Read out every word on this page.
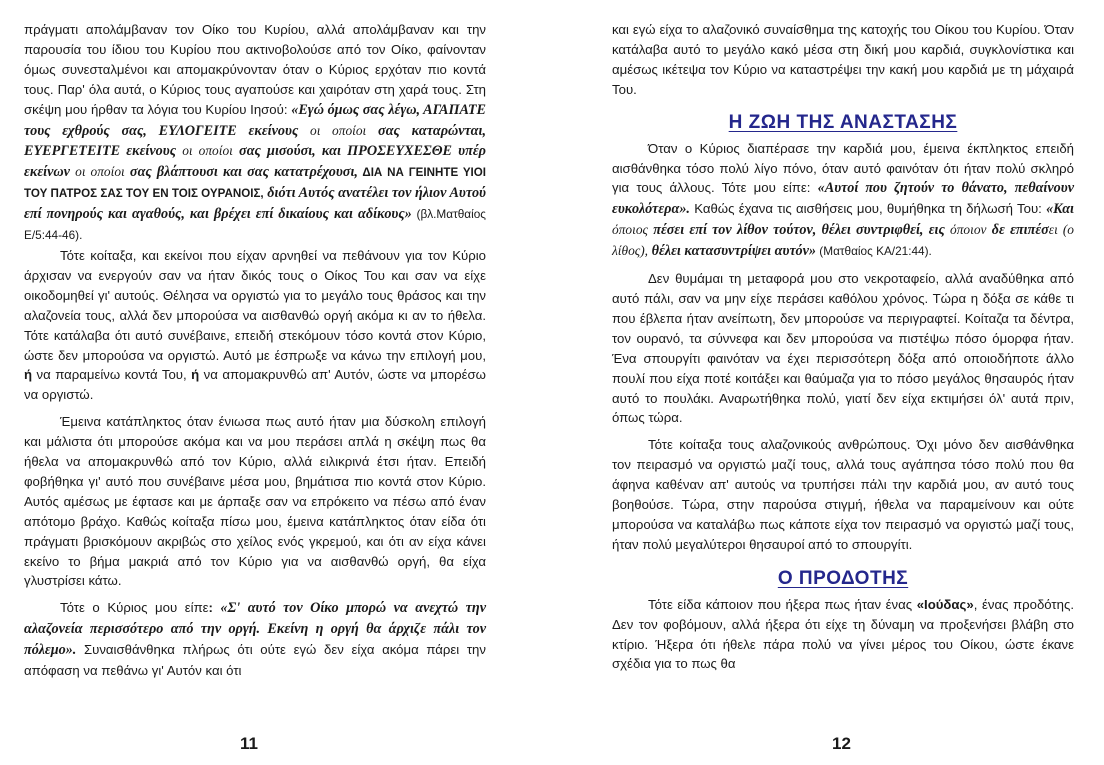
πράγματι απολάμβαναν τον Οίκο του Κυρίου, αλλά απολάμβαναν και την παρουσία του ίδιου του Κυρίου που ακτινοβολούσε από τον Οίκο, φαίνονταν όμως συνεσταλμένοι και απομακρύνονταν όταν ο Κύριος ερχόταν πιο κοντά τους. Παρ' όλα αυτά, ο Κύριος τους αγαπούσε και χαιρόταν στη χαρά τους. Στη σκέψη μου ήρθαν τα λόγια του Κυρίου Ιησού: «Εγώ όμως σας λέγω, ΑΓΑΠΑΤΕ τους εχθρούς σας, ΕΥΛΟΓΕΙΤΕ εκείνους οι οποίοι σας καταρώνται, ΕΥΕΡΓΕΤΕΙΤΕ εκείνους οι οποίοι σας μισούσι, και ΠΡΟΣΕΥΧΕΣΘΕ υπέρ εκείνων οι οποίοι σας βλάπτουσι και σας κατατρέχουσι, ΔΙΑ ΝΑ ΓΕΙΝΗΤΕ ΥΙΟΙ ΤΟΥ ΠΑΤΡΟΣ ΣΑΣ ΤΟΥ ΕΝ ΤΟΙΣ ΟΥΡΑΝΟΙΣ, διότι Αυτός ανατέλει τον ήλιον Αυτού επί πονηρούς και αγαθούς, και βρέχει επί δικαίους και αδίκους» (βλ.Ματθαίος Ε/5:44-46).

Τότε κοίταξα, και εκείνοι που είχαν αρνηθεί να πεθάνουν για τον Κύριο άρχισαν να ενεργούν σαν να ήταν δικός τους ο Οίκος Του και σαν να είχε οικοδομηθεί γι' αυτούς. Θέλησα να οργιστώ για το μεγάλο τους θράσος και την αλαζονεία τους, αλλά δεν μπορούσα να αισθανθώ οργή ακόμα κι αν το ήθελα. Τότε κατάλαβα ότι αυτό συνέβαινε, επειδή στεκόμουν τόσο κοντά στον Κύριο, ώστε δεν μπορούσα να οργιστώ. Αυτό με έσπρωξε να κάνω την επιλογή μου, ή να παραμείνω κοντά Του, ή να απομακρυνθώ απ' Αυτόν, ώστε να μπορέσω να οργιστώ.

Έμεινα κατάπληκτος όταν ένιωσα πως αυτό ήταν μια δύσκολη επιλογή και μάλιστα ότι μπορούσε ακόμα και να μου περάσει απλά η σκέψη πως θα ήθελα να απομακρυνθώ από τον Κύριο, αλλά ειλικρινά έτσι ήταν. Επειδή φοβήθηκα γι' αυτό που συνέβαινε μέσα μου, βημάτισα πιο κοντά στον Κύριο. Αυτός αμέσως με έφτασε και με άρπαξε σαν να επρόκειτο να πέσω από έναν απότομο βράχο. Καθώς κοίταξα πίσω μου, έμεινα κατάπληκτος όταν είδα ότι πράγματι βρισκόμουν ακριβώς στο χείλος ενός γκρεμού, και ότι αν είχα κάνει εκείνο το βήμα μακριά από τον Κύριο για να αισθανθώ οργή, θα είχα γλυστρίσει κάτω.

Τότε ο Κύριος μου είπε: «Σ' αυτό τον Οίκο μπορώ να ανεχτώ την αλαζονεία περισσότερο από την οργή. Εκείνη η οργή θα άρχιζε πάλι τον πόλεμο». Συναισθάνθηκα πλήρως ότι ούτε εγώ δεν είχα ακόμα πάρει την απόφαση να πεθάνω γι' Αυτόν και ότι

και εγώ είχα το αλαζονικό συναίσθημα της κατοχής του Οίκου του Κυρίου. Όταν κατάλαβα αυτό το μεγάλο κακό μέσα στη δική μου καρδιά, συγκλονίστικα και αμέσως ικέτεψα τον Κύριο να καταστρέψει την κακή μου καρδιά με τη μάχαιρά Του.

Η ΖΩΗ ΤΗΣ ΑΝΑΣΤΑΣΗΣ

Όταν ο Κύριος διαπέρασε την καρδιά μου, έμεινα έκπληκτος επειδή αισθάνθηκα τόσο πολύ λίγο πόνο, όταν αυτό φαινόταν ότι ήταν πολύ σκληρό για τους άλλους. Τότε μου είπε: «Αυτοί που ζητούν το θάνατο, πεθαίνουν ευκολότερα». Καθώς έχανα τις αισθήσεις μου, θυμήθηκα τη δήλωσή Του: «Και όποιος πέσει επί τον λίθον τούτον, θέλει συντριφθεί, εις όποιον δε επιπέσει (ο λίθος), θέλει κατασυντρίψει αυτόν» (Ματθαίος ΚΑ/21:44).

Δεν θυμάμαι τη μεταφορά μου στο νεκροταφείο, αλλά αναδύθηκα από αυτό πάλι, σαν να μην είχε περάσει καθόλου χρόνος. Τώρα η δόξα σε κάθε τι που έβλεπα ήταν ανείπωτη, δεν μπορούσε να περιγραφτεί. Κοίταζα τα δέντρα, τον ουρανό, τα σύννεφα και δεν μπορούσα να πιστέψω πόσο όμορφα ήταν. Ένα σπουργίτι φαινόταν να έχει περισσότερη δόξα από οποιοδήποτε άλλο πουλί που είχα ποτέ κοιτάξει και θαύμαζα για το πόσο μεγάλος θησαυρός ήταν αυτό το πουλάκι. Αναρωτήθηκα πολύ, γιατί δεν είχα εκτιμήσει όλ' αυτά πριν, όπως τώρα.

Τότε κοίταξα τους αλαζονικούς ανθρώπους. Όχι μόνο δεν αισθάνθηκα τον πειρασμό να οργιστώ μαζί τους, αλλά τους αγάπησα τόσο πολύ που θα άφηνα καθέναν απ' αυτούς να τρυπήσει πάλι την καρδιά μου, αν αυτό τους βοηθούσε. Τώρα, στην παρούσα στιγμή, ήθελα να παραμείνουν και ούτε μπορούσα να καταλάβω πως κάποτε είχα τον πειρασμό να οργιστώ μαζί τους, ήταν πολύ μεγαλύτεροι θησαυροί από το σπουργίτι.

Ο ΠΡΟΔΟΤΗΣ

Τότε είδα κάποιον που ήξερα πως ήταν ένας «Ιούδας», ένας προδότης. Δεν τον φοβόμουν, αλλά ήξερα ότι είχε τη δύναμη να προξενήσει βλάβη στο κτίριο. Ήξερα ότι ήθελε πάρα πολύ να γίνει μέρος του Οίκου, ώστε έκανε σχέδια για το πως θα

11	12
